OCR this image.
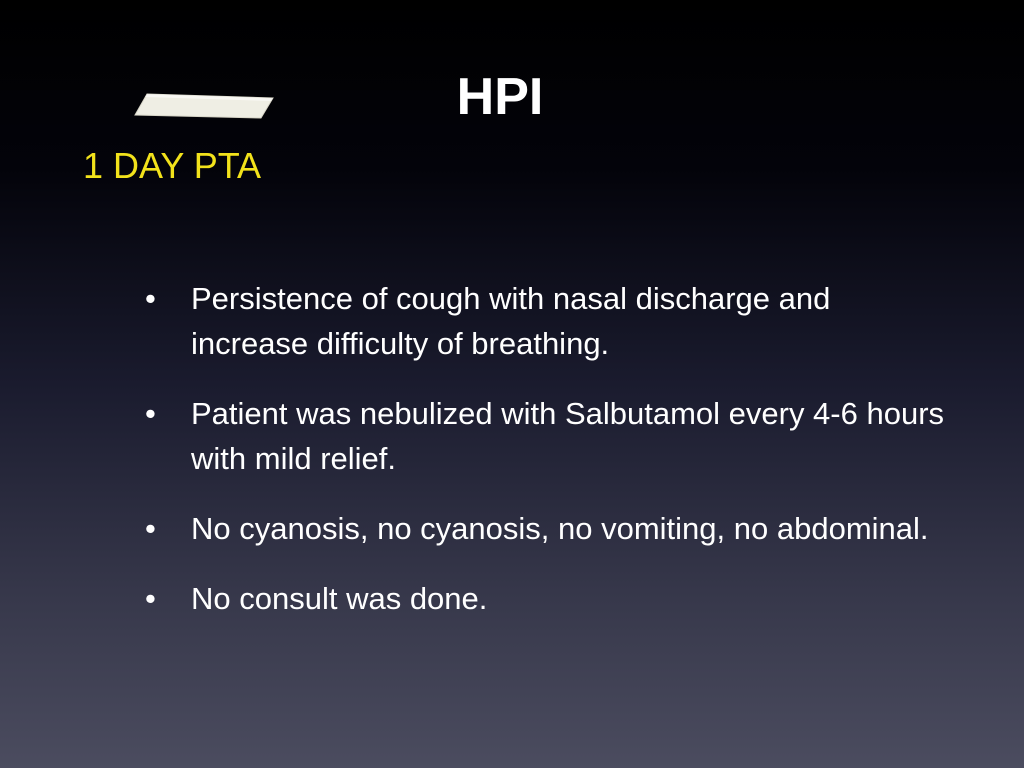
HPI
1 DAY PTA
• Persistence of cough with nasal discharge and increase difficulty of breathing.
• Patient was nebulized with Salbutamol every 4-6 hours with mild relief.
• No cyanosis, no cyanosis, no vomiting, no abdominal.
• No consult was done.
